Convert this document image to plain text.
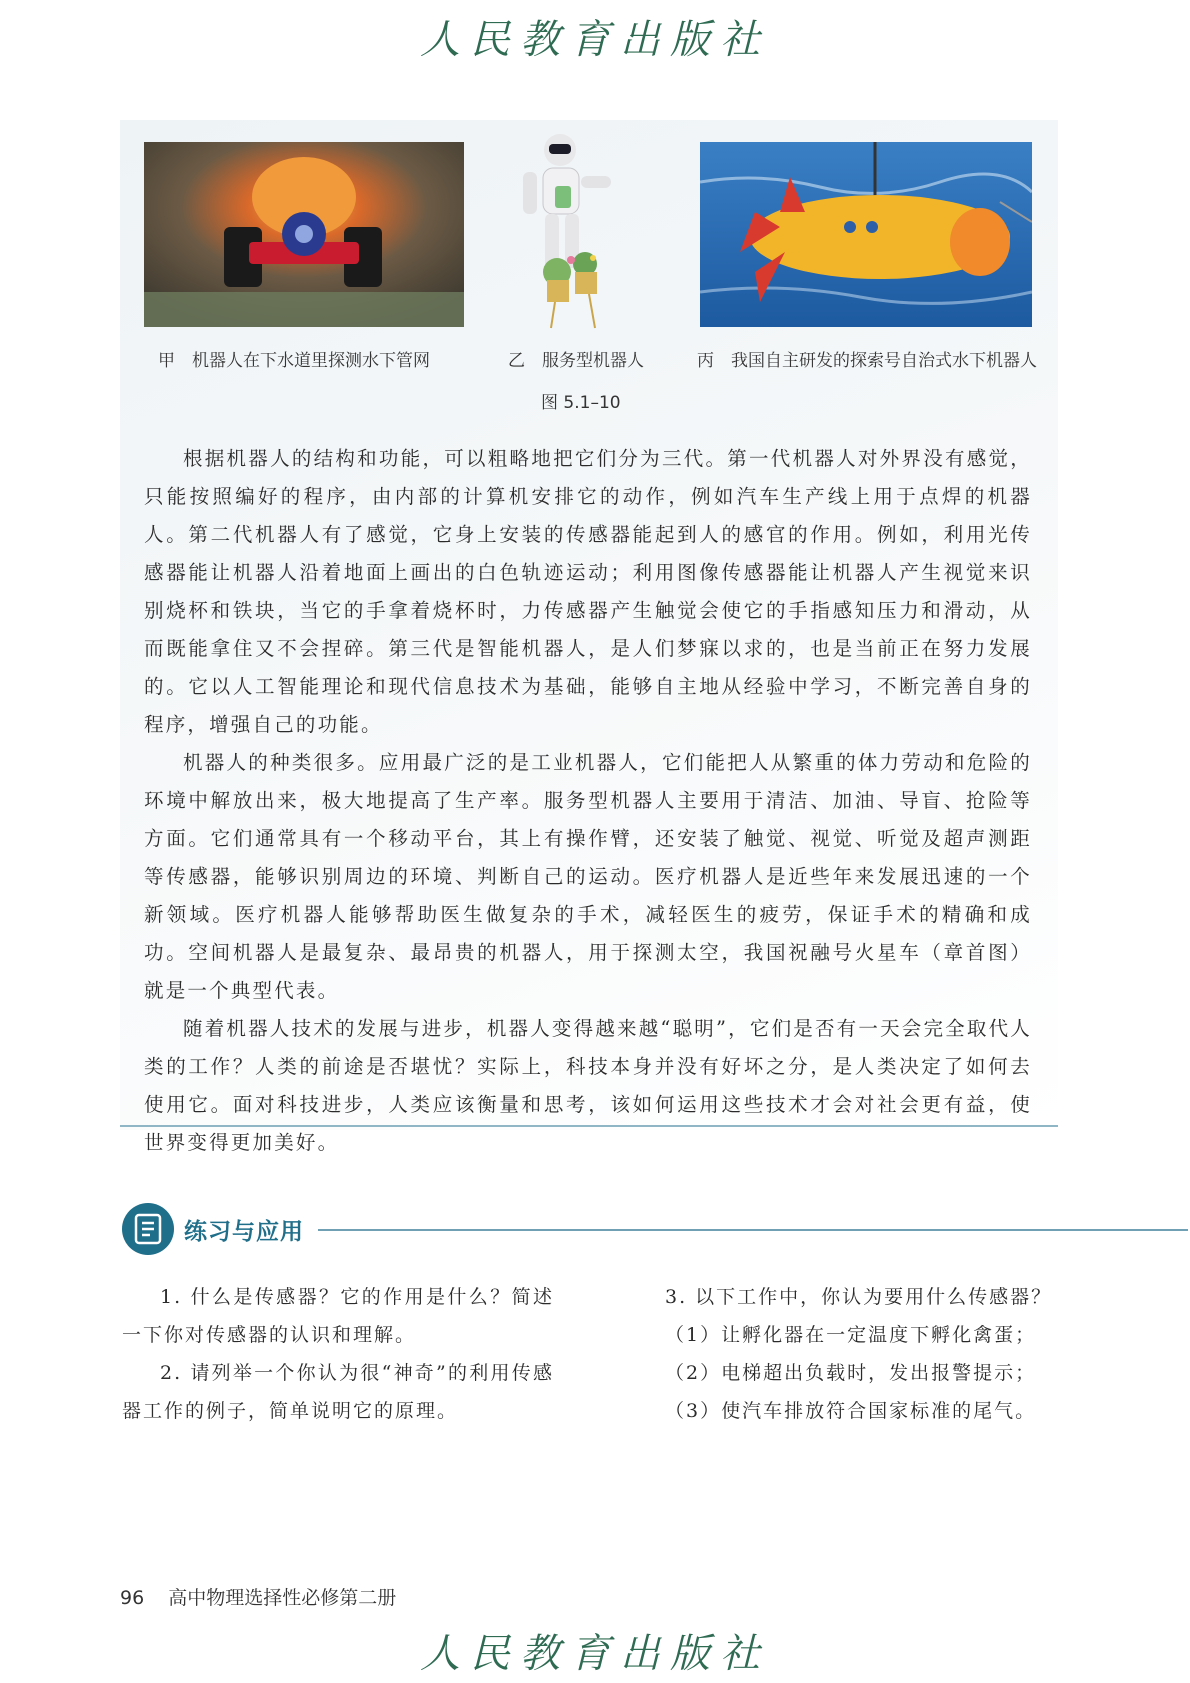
人民教育出版社
甲　机器人在下水道里探测水下管网	乙　服务型机器人	丙　我国自主研发的探索号自治式水下机器人
图 5.1–10

根据机器人的结构和功能，可以粗略地把它们分为三代。第一代机器人对外界没有感觉，只能按照编好的程序，由内部的计算机安排它的动作，例如汽车生产线上用于点焊的机器人。第二代机器人有了感觉，它身上安装的传感器能起到人的感官的作用。例如，利用光传感器能让机器人沿着地面上画出的白色轨迹运动；利用图像传感器能让机器人产生视觉来识别烧杯和铁块，当它的手拿着烧杯时，力传感器产生触觉会使它的手指感知压力和滑动，从而既能拿住又不会捏碎。第三代是智能机器人，是人们梦寐以求的，也是当前正在努力发展的。它以人工智能理论和现代信息技术为基础，能够自主地从经验中学习，不断完善自身的程序，增强自己的功能。

机器人的种类很多。应用最广泛的是工业机器人，它们能把人从繁重的体力劳动和危险的环境中解放出来，极大地提高了生产率。服务型机器人主要用于清洁、加油、导盲、抢险等方面。它们通常具有一个移动平台，其上有操作臂，还安装了触觉、视觉、听觉及超声测距等传感器，能够识别周边的环境、判断自己的运动。医疗机器人是近些年来发展迅速的一个新领域。医疗机器人能够帮助医生做复杂的手术，减轻医生的疲劳，保证手术的精确和成功。空间机器人是最复杂、最昂贵的机器人，用于探测太空，我国祝融号火星车（章首图）就是一个典型代表。

随着机器人技术的发展与进步，机器人变得越来越“聪明”，它们是否有一天会完全取代人类的工作？人类的前途是否堪忧？实际上，科技本身并没有好坏之分，是人类决定了如何去使用它。面对科技进步，人类应该衡量和思考，该如何运用这些技术才会对社会更有益，使世界变得更加美好。

练习与应用

1. 什么是传感器？它的作用是什么？简述一下你对传感器的认识和理解。

2. 请列举一个你认为很“神奇”的利用传感器工作的例子，简单说明它的原理。

3. 以下工作中，你认为要用什么传感器？

（1）让孵化器在一定温度下孵化禽蛋；

（2）电梯超出负载时，发出报警提示；

（3）使汽车排放符合国家标准的尾气。

96 高中物理选择性必修第二册
人民教育出版社
